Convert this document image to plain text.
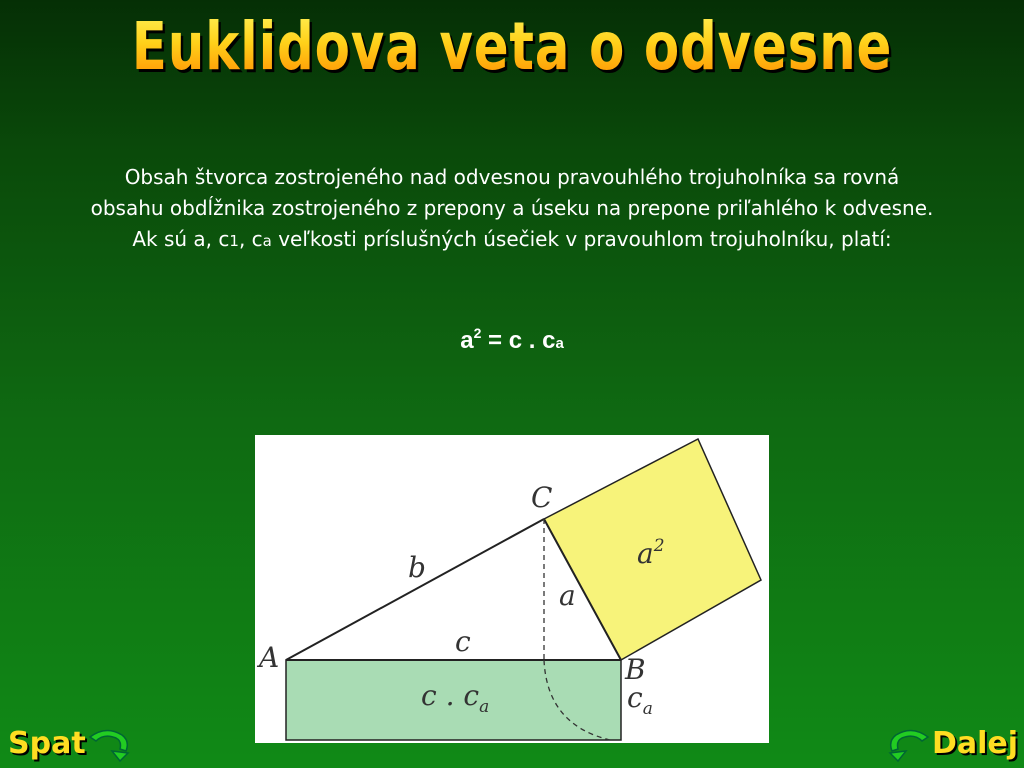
Euklidova veta o odvesne
Obsah štvorca zostrojeného nad odvesnou pravouhlého trojuholníka sa rovná obsahu obdĺžnika zostrojeného z prepony a úseku na prepone priľahlého k odvesne. Ak sú a, c1, ca veľkosti príslušných úsečiek v pravouhlom trojuholníku, platí:
$a^2 = c$ . ca
C
A	B
b
a
c
$a^2$
c . $c_a$	$c_a$
Spat	Dalej
